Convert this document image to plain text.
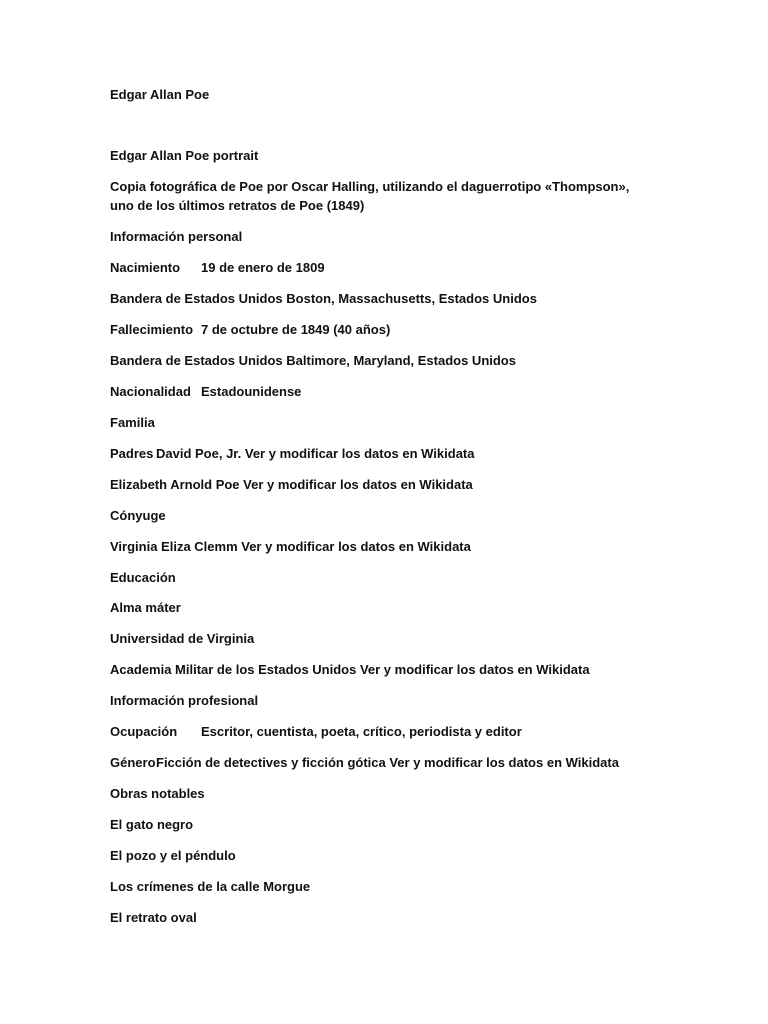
Edgar Allan Poe
Edgar Allan Poe portrait
Copia fotográfica de Poe por Oscar Halling, utilizando el daguerrotipo «Thompson», uno de los últimos retratos de Poe (1849)
Información personal
Nacimiento 19 de enero de 1809
Bandera de Estados Unidos Boston, Massachusetts, Estados Unidos
Fallecimiento 7 de octubre de 1849 (40 años)
Bandera de Estados Unidos Baltimore, Maryland, Estados Unidos
Nacionalidad Estadounidense
Familia
Padres David Poe, Jr. Ver y modificar los datos en Wikidata
Elizabeth Arnold Poe Ver y modificar los datos en Wikidata
Cónyuge
Virginia Eliza Clemm Ver y modificar los datos en Wikidata
Educación
Alma máter
Universidad de Virginia
Academia Militar de los Estados Unidos Ver y modificar los datos en Wikidata
Información profesional
Ocupación Escritor, cuentista, poeta, crítico, periodista y editor
GéneroFicción de detectives y ficción gótica Ver y modificar los datos en Wikidata
Obras notables
El gato negro
El pozo y el péndulo
Los crímenes de la calle Morgue
El retrato oval
